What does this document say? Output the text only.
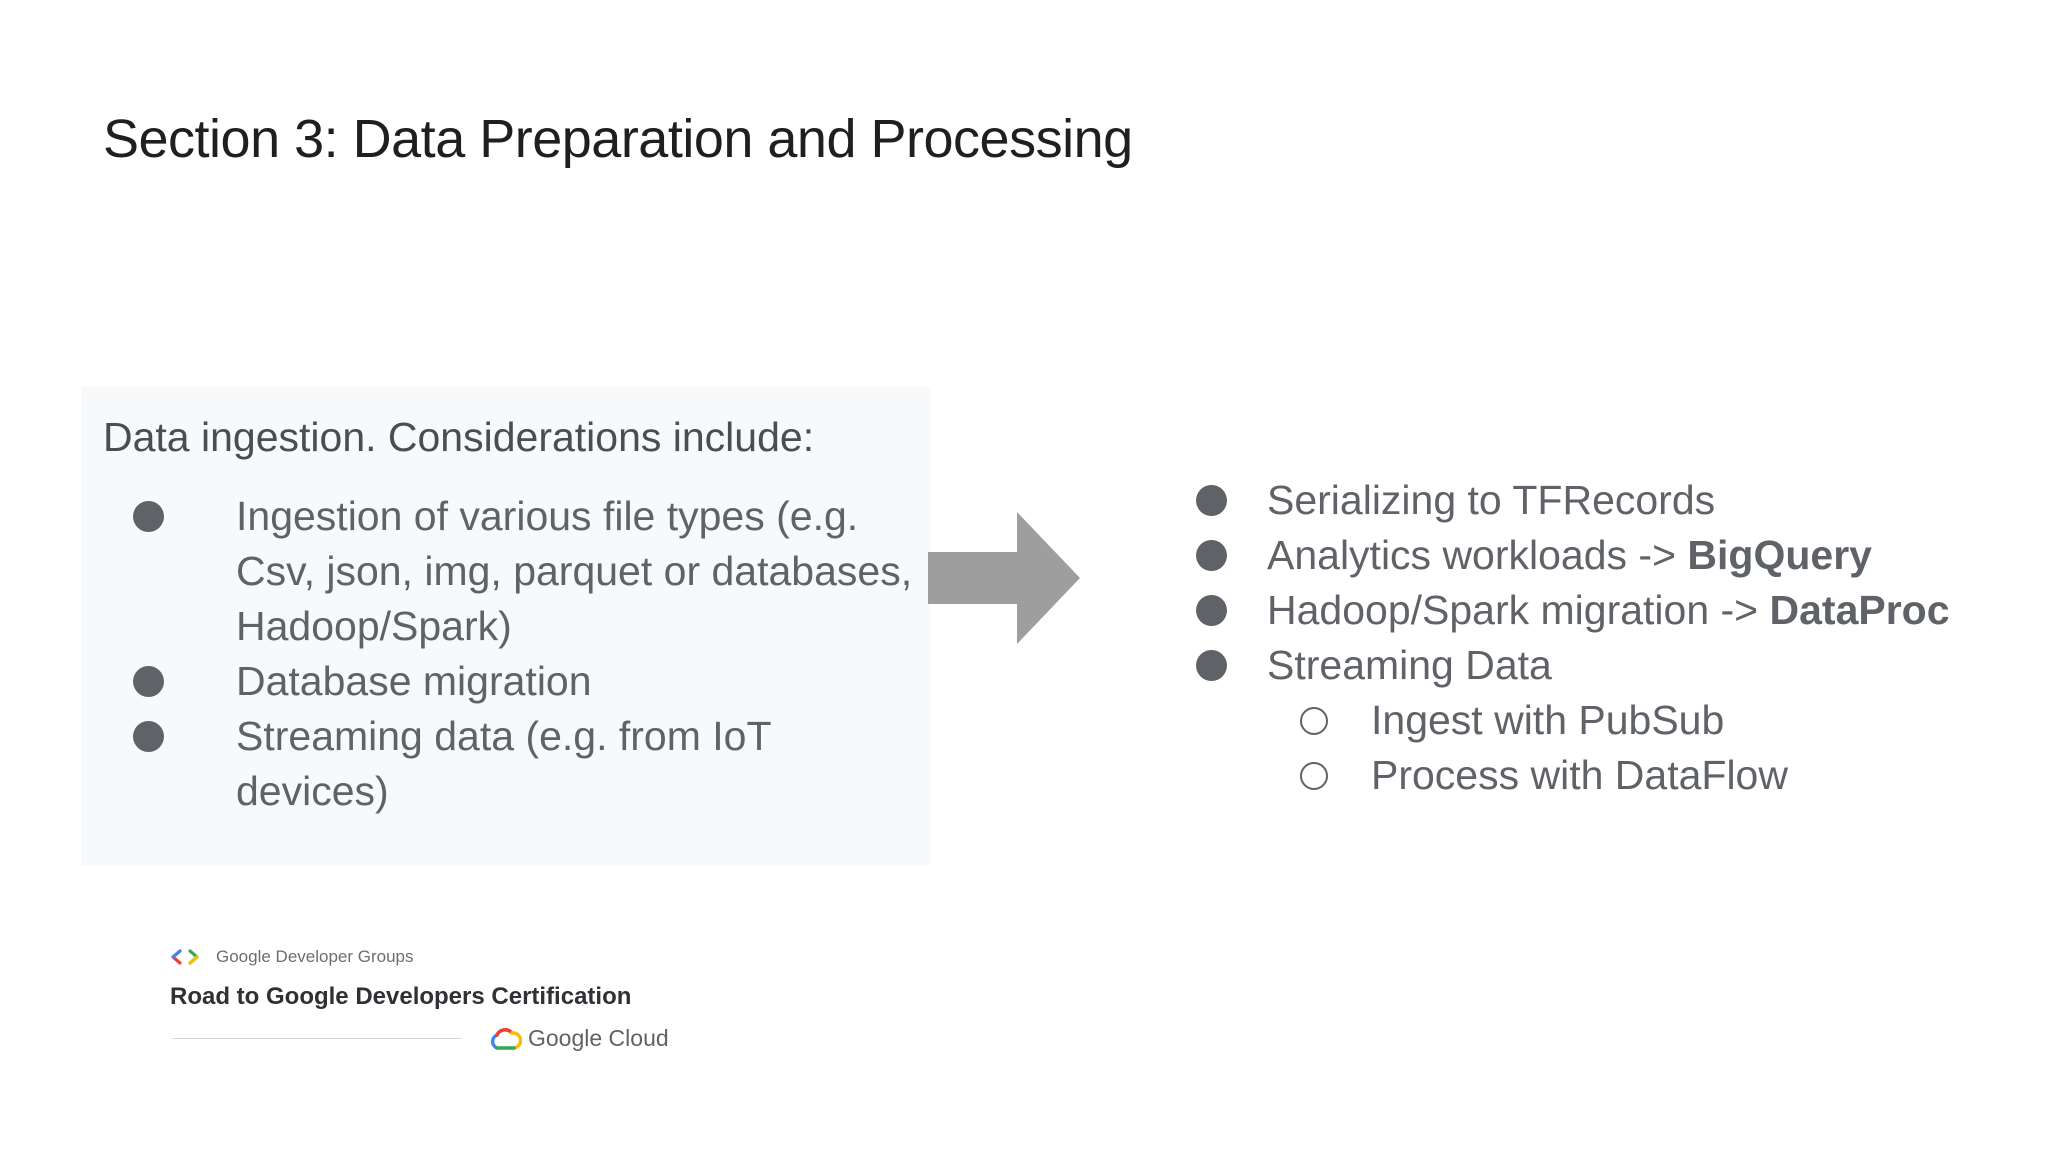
Section 3: Data Preparation and Processing
Data ingestion. Considerations include:
Ingestion of various file types (e.g.
Csv, json, img, parquet or databases,
Hadoop/Spark)
Database migration
Streaming data (e.g. from IoT devices)
Serializing to TFRecords
Analytics workloads -> BigQuery
Hadoop/Spark migration -> DataProc
Streaming Data
Ingest with PubSub
Process with DataFlow
Google Developer Groups
Road to Google Developers Certification
Google Cloud
